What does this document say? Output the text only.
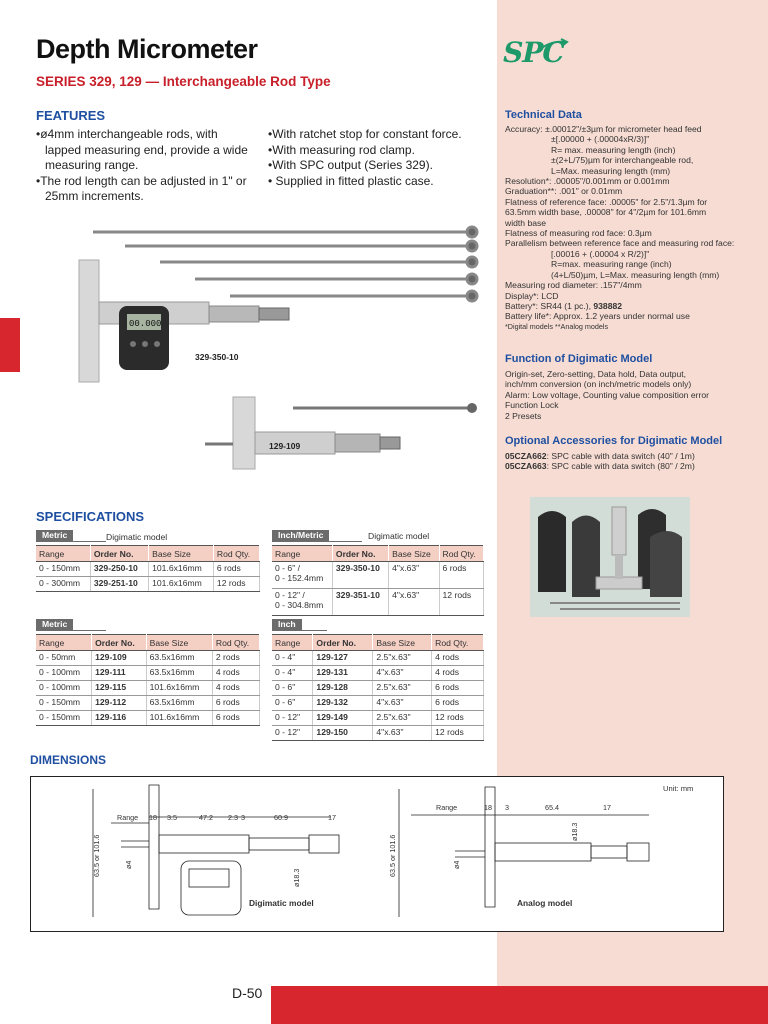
Depth Micrometer
SERIES 329, 129 — Interchangeable Rod Type
SPC
FEATURES
•ø4mm interchangeable rods, with lapped measuring end, provide a wide measuring range.
•The rod length can be adjusted in 1" or 25mm increments.
•With ratchet stop for constant force.
•With measuring rod clamp.
•With SPC output (Series 329).
• Supplied in fitted plastic case.
00.000
329-350-10
129-109
Technical Data
Accuracy: ±.00012"/±3µm for micrometer head feed
±[.00000 + (.00004xR/3)]"
R= max. measuring length (inch)
±(2+L/75)µm for interchangeable rod,
L=Max. measuring length (mm)
Resolution*: .00005"/0.001mm or 0.001mm
Graduation**: .001" or 0.01mm
Flatness of reference face: .00005" for 2.5"/1.3µm for
63.5mm width base, .00008" for 4"/2µm for 101.6mm
width base
Flatness of measuring rod face: 0.3µm
Parallelism between reference face and measuring rod face:
[.00016 + (.00004 x R/2)]"
R=max. measuring range (inch)
(4+L/50)µm, L=Max. measuring length (mm)
Measuring rod diameter: .157"/4mm
Display*: LCD
Battery*: SR44 (1 pc.), 938882
Battery life*: Approx. 1.2 years under normal use
*Digital models **Analog models
Function of Digimatic Model
Origin-set, Zero-setting, Data hold, Data output,
inch/mm conversion (on inch/metric models only)
Alarm: Low voltage, Counting value composition error
Function Lock
2 Presets
Optional Accessories for Digimatic Model
05CZA662: SPC cable with data switch (40" / 1m)
05CZA663: SPC cable with data switch (80" / 2m)
SPECIFICATIONS
Metric	Digimatic model
Range	Order No.	Base Size	Rod Qty.
0 - 150mm	329-250-10	101.6x16mm	6 rods
0 - 300mm	329-251-10	101.6x16mm	12 rods
Inch/Metric	Digimatic model
Range	Order No.	Base Size	Rod Qty.
0 - 6" /
0 - 152.4mm	329-350-10	4"x.63"	6 rods
0 - 12" /
0 - 304.8mm	329-351-10	4"x.63"	12 rods
Metric
Range	Order No.	Base Size	Rod Qty.
0 - 50mm	129-109	63.5x16mm	2 rods
0 - 100mm	129-111	63.5x16mm	4 rods
0 - 100mm	129-115	101.6x16mm	4 rods
0 - 150mm	129-112	63.5x16mm	6 rods
0 - 150mm	129-116	101.6x16mm	6 rods
Inch
Range	Order No.	Base Size	Rod Qty.
0 - 4"	129-127	2.5"x.63"	4 rods
0 - 4"	129-131	4"x.63"	4 rods
0 - 6"	129-128	2.5"x.63"	6 rods
0 - 6"	129-132	4"x.63"	6 rods
0 - 12"	129-149	2.5"x.63"	12 rods
0 - 12"	129-150	4"x.63"	12 rods
DIMENSIONS
Unit: mm
Range 18 3.5	47.2 2.3 3	60.9	17
63.5 or 101.6	ø4
ø18.3
Digimatic model
Range	18 3	65.4	17
63.5 or 101.6	ø4
ø18.3
Analog model
D-50
